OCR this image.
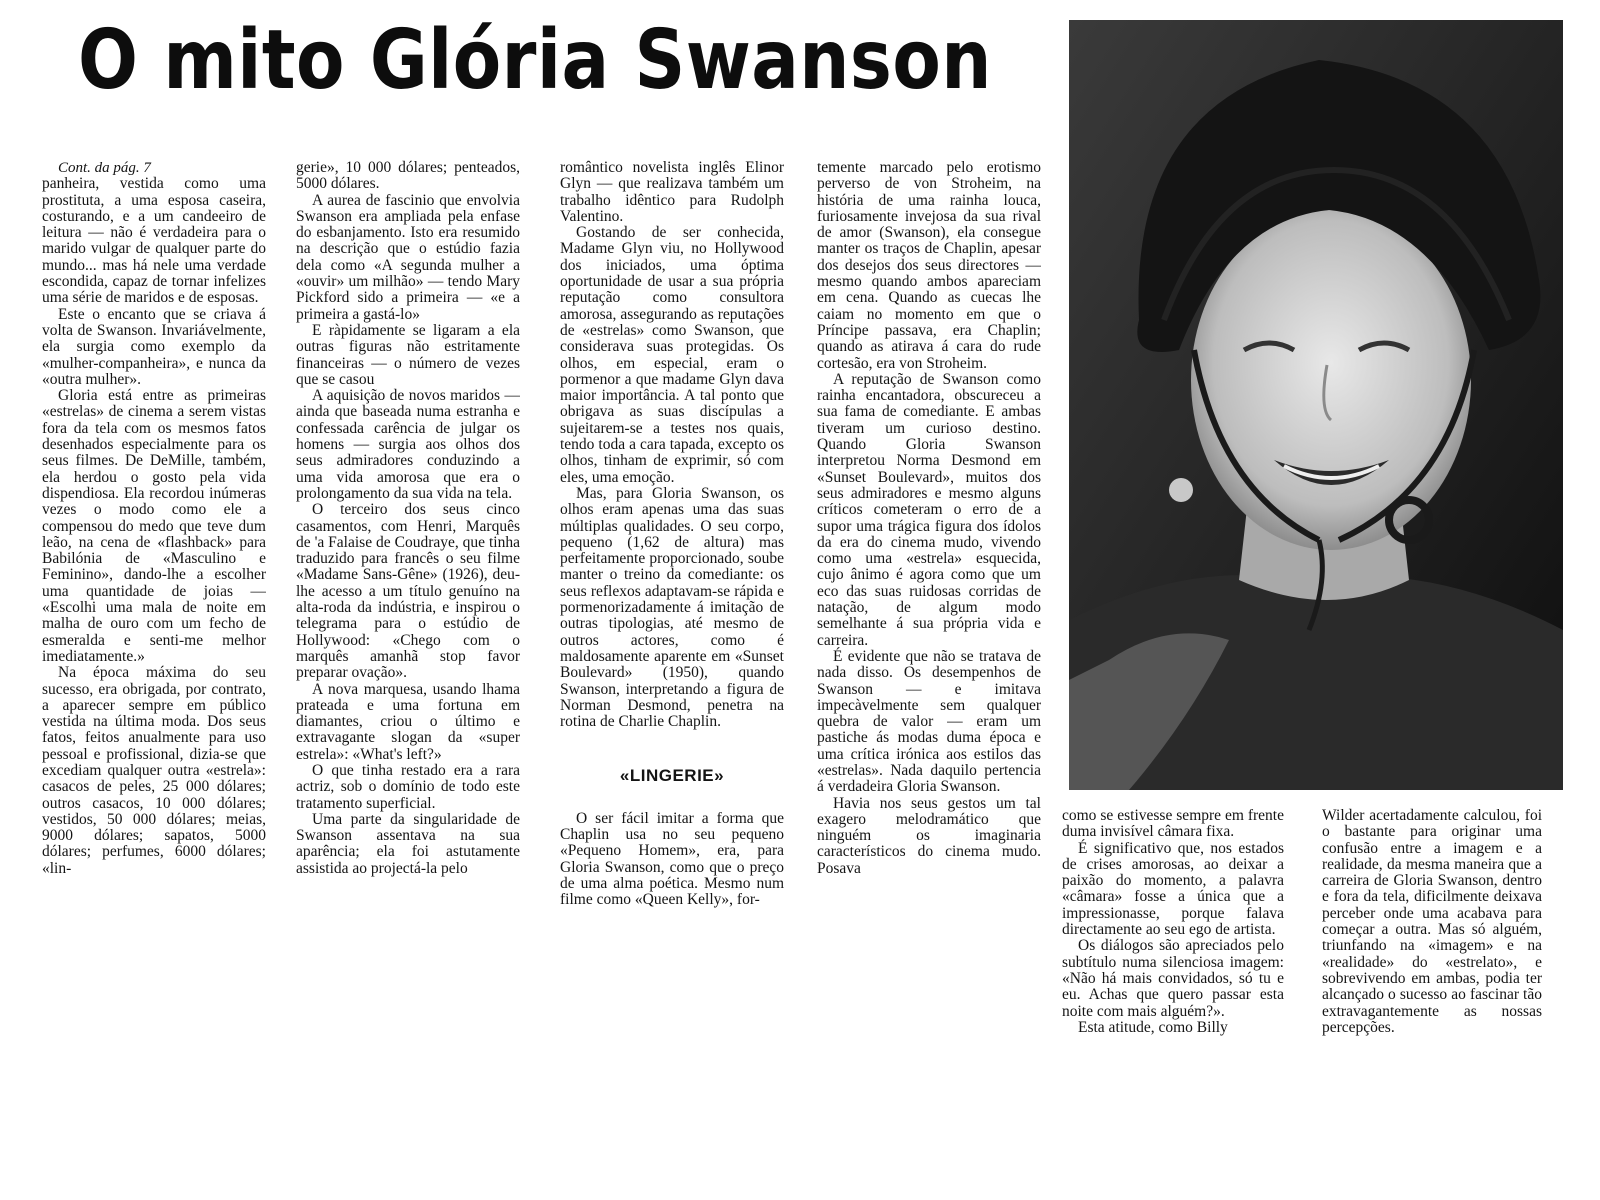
O mito Glória Swanson

Cont. da pág. 7

panheira, vestida como uma prostituta, a uma esposa caseira, costurando, e a um candeeiro de leitura — não é verdadeira para o marido vulgar de qualquer parte do mundo... mas há nele uma verdade escondida, capaz de tornar infelizes uma série de maridos e de esposas.

Este o encanto que se criava á volta de Swanson. Invariávelmente, ela surgia como exemplo da «mulher-companheira», e nunca da «outra mulher».

Gloria está entre as primeiras «estrelas» de cinema a serem vistas fora da tela com os mesmos fatos desenhados especialmente para os seus filmes. De DeMille, também, ela herdou o gosto pela vida dispendiosa. Ela recordou inúmeras vezes o modo como ele a compensou do medo que teve dum leão, na cena de «flashback» para Babilónia de «Masculino e Feminino», dando-lhe a escolher uma quantidade de joias — «Escolhi uma mala de noite em malha de ouro com um fecho de esmeralda e senti-me melhor imediatamente.»

Na época máxima do seu sucesso, era obrigada, por contrato, a aparecer sempre em público vestida na última moda. Dos seus fatos, feitos anualmente para uso pessoal e profissional, dizia-se que excediam qualquer outra «estrela»: casacos de peles, 25 000 dólares; outros casacos, 10 000 dólares; vestidos, 50 000 dólares; meias, 9000 dólares; sapatos, 5000 dólares; perfumes, 6000 dólares; «lin-

gerie», 10 000 dólares; penteados, 5000 dólares.

A aurea de fascinio que envolvia Swanson era ampliada pela enfase do esbanjamento. Isto era resumido na descrição que o estúdio fazia dela como «A segunda mulher a «ouvir» um milhão» — tendo Mary Pickford sido a primeira — «e a primeira a gastá-lo»

E ràpidamente se ligaram a ela outras figuras não estritamente financeiras — o número de vezes que se casou

A aquisição de novos maridos — ainda que baseada numa estranha e confessada carência de julgar os homens — surgia aos olhos dos seus admiradores conduzindo a uma vida amorosa que era o prolongamento da sua vida na tela.

O terceiro dos seus cinco casamentos, com Henri, Marquês de 'a Falaise de Coudraye, que tinha traduzido para francês o seu filme «Madame Sans-Gêne» (1926), deu-lhe acesso a um título genuíno na alta-roda da indústria, e inspirou o telegrama para o estúdio de Hollywood: «Chego com o marquês amanhã stop favor preparar ovação».

A nova marquesa, usando lhama prateada e uma fortuna em diamantes, criou o último e extravagante slogan da «super estrela»: «What's left?»

O que tinha restado era a rara actriz, sob o domínio de todo este tratamento superficial.

Uma parte da singularidade de Swanson assentava na sua aparência; ela foi astutamente assistida ao projectá-la pelo

romântico novelista inglês Elinor Glyn — que realizava também um trabalho idêntico para Rudolph Valentino.

Gostando de ser conhecida, Madame Glyn viu, no Hollywood dos iniciados, uma óptima oportunidade de usar a sua própria reputação como consultora amorosa, assegurando as reputações de «estrelas» como Swanson, que considerava suas protegidas. Os olhos, em especial, eram o pormenor a que madame Glyn dava maior importância. A tal ponto que obrigava as suas discípulas a sujeitarem-se a testes nos quais, tendo toda a cara tapada, excepto os olhos, tinham de exprimir, só com eles, uma emoção.

Mas, para Gloria Swanson, os olhos eram apenas uma das suas múltiplas qualidades. O seu corpo, pequeno (1,62 de altura) mas perfeitamente proporcionado, soube manter o treino da comediante: os seus reflexos adaptavam-se rápida e pormenorizadamente á imitação de outras tipologias, até mesmo de outros actores, como é maldosamente aparente em «Sunset Boulevard» (1950), quando Swanson, interpretando a figura de Norman Desmond, penetra na rotina de Charlie Chaplin.

«LINGERIE»

O ser fácil imitar a forma que Chaplin usa no seu pequeno «Pequeno Homem», era, para Gloria Swanson, como que o preço de uma alma poética. Mesmo num filme como «Queen Kelly», for-

temente marcado pelo erotismo perverso de von Stroheim, na história de uma rainha louca, furiosamente invejosa da sua rival de amor (Swanson), ela consegue manter os traços de Chaplin, apesar dos desejos dos seus directores — mesmo quando ambos apareciam em cena. Quando as cuecas lhe caiam no momento em que o Príncipe passava, era Chaplin; quando as atirava á cara do rude cortesão, era von Stroheim.

A reputação de Swanson como rainha encantadora, obscureceu a sua fama de comediante. E ambas tiveram um curioso destino. Quando Gloria Swanson interpretou Norma Desmond em «Sunset Boulevard», muitos dos seus admiradores e mesmo alguns críticos cometeram o erro de a supor uma trágica figura dos ídolos da era do cinema mudo, vivendo como uma «estrela» esquecida, cujo ânimo é agora como que um eco das suas ruidosas corridas de natação, de algum modo semelhante á sua própria vida e carreira.

É evidente que não se tratava de nada disso. Os desempenhos de Swanson — e imitava impecàvelmente sem qualquer quebra de valor — eram um pastiche ás modas duma época e uma crítica irónica aos estilos das «estrelas». Nada daquilo pertencia á verdadeira Gloria Swanson.

Havia nos seus gestos um tal exagero melodramático que ninguém os imaginaria característicos do cinema mudo. Posava

como se estivesse sempre em frente duma invisível câmara fixa.

É significativo que, nos estados de crises amorosas, ao deixar a paixão do momento, a palavra «câmara» fosse a única que a impressionasse, porque falava directamente ao seu ego de artista.

Os diálogos são apreciados pelo subtítulo numa silenciosa imagem: «Não há mais convidados, só tu e eu. Achas que quero passar esta noite com mais alguém?».

Esta atitude, como Billy

Wilder acertadamente calculou, foi o bastante para originar uma confusão entre a imagem e a realidade, da mesma maneira que a carreira de Gloria Swanson, dentro e fora da tela, dificilmente deixava perceber onde uma acabava para começar a outra. Mas só alguém, triunfando na «imagem» e na «realidade» do «estrelato», e sobrevivendo em ambas, podia ter alcançado o sucesso ao fascinar tão extravagantemente as nossas percepções.
